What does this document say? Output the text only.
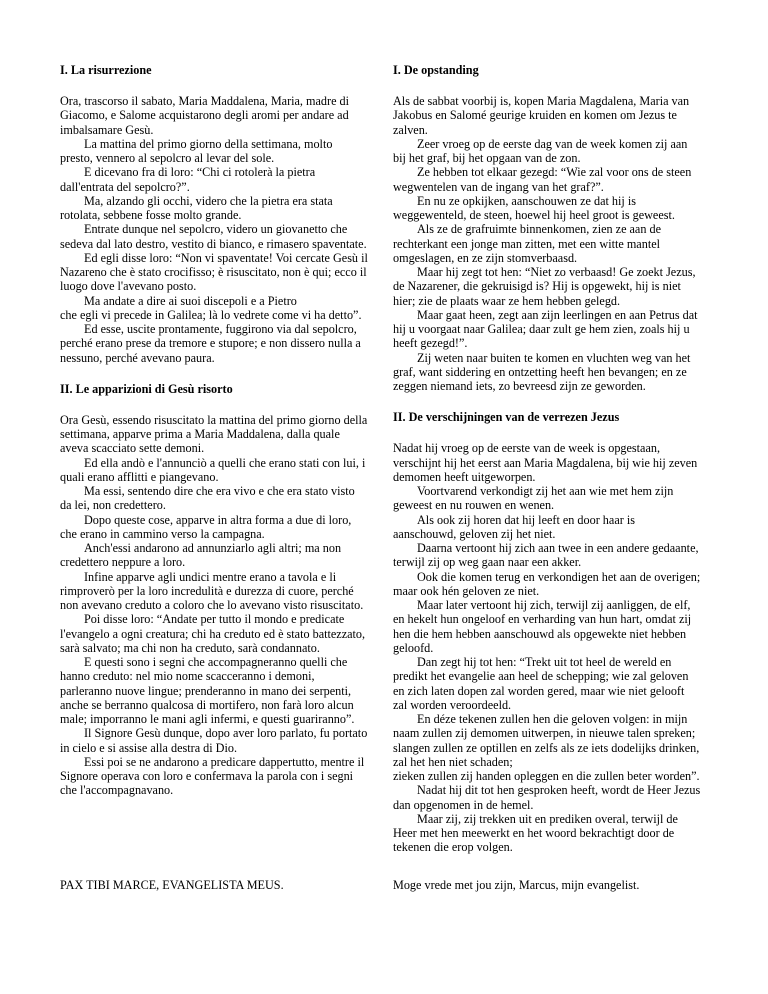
I. La risurrezione

Ora, trascorso il sabato, Maria Maddalena, Maria, madre di Giacomo, e Salome acquistarono degli aromi per andare ad imbalsamare Gesù.

La mattina del primo giorno della settimana, molto presto, vennero al sepolcro al levar del sole.

E dicevano fra di loro: “Chi ci rotolerà la pietra dall'entrata del sepolcro?”.

Ma, alzando gli occhi, videro che la pietra era stata rotolata, sebbene fosse molto grande.

Entrate dunque nel sepolcro, videro un giovanetto che sedeva dal lato destro, vestito di bianco, e rimasero spaventate.

Ed egli disse loro: “Non vi spaventate! Voi cercate Gesù il Nazareno che è stato crocifisso; è risuscitato, non è qui; ecco il luogo dove l'avevano posto.

Ma andate a dire ai suoi discepoli e a Pietro

che egli vi precede in Galilea; là lo vedrete come vi ha detto”.

Ed esse, uscite prontamente, fuggirono via dal sepolcro, perché erano prese da tremore e stupore; e non dissero nulla a nessuno, perché avevano paura.

II. Le apparizioni di Gesù risorto

Ora Gesù, essendo risuscitato la mattina del primo giorno della settimana, apparve prima a Maria Maddalena, dalla quale aveva scacciato sette demoni.

Ed ella andò e l'annunciò a quelli che erano stati con lui, i quali erano afflitti e piangevano.

Ma essi, sentendo dire che era vivo e che era stato visto da lei, non credettero.

Dopo queste cose, apparve in altra forma a due di loro, che erano in cammino verso la campagna.

Anch'essi andarono ad annunziarlo agli altri; ma non credettero neppure a loro.

Infine apparve agli undici mentre erano a tavola e li rimproverò per la loro incredulità e durezza di cuore, perché non avevano creduto a coloro che lo avevano visto risuscitato.

Poi disse loro: “Andate per tutto il mondo e predicate l'evangelo a ogni creatura; chi ha creduto ed è stato battezzato, sarà salvato; ma chi non ha creduto, sarà condannato.

E questi sono i segni che accompagneranno quelli che hanno creduto: nel mio nome scacceranno i demoni, parleranno nuove lingue; prenderanno in mano dei serpenti, anche se berranno qualcosa di mortifero, non farà loro alcun male; imporranno le mani agli infermi, e questi guariranno”.

Il Signore Gesù dunque, dopo aver loro parlato, fu portato in cielo e si assise alla destra di Dio.

Essi poi se ne andarono a predicare dappertutto, mentre il Signore operava con loro e confermava la parola con i segni che l'accompagnavano.

I. De opstanding

Als de sabbat voorbij is, kopen Maria Magdalena, Maria van Jakobus en Salomé geurige kruiden en komen om Jezus te zalven.

Zeer vroeg op de eerste dag van de week komen zij aan bij het graf, bij het opgaan van de zon.

Ze hebben tot elkaar gezegd: “Wie zal voor ons de steen wegwentelen van de ingang van het graf?”.

En nu ze opkijken, aanschouwen ze dat hij is weggewenteld, de steen, hoewel hij heel groot is geweest.

Als ze de grafruimte binnenkomen, zien ze aan de rechterkant een jonge man zitten, met een witte mantel omgeslagen, en ze zijn stomverbaasd.

Maar hij zegt tot hen: “Niet zo verbaasd! Ge zoekt Jezus, de Nazarener, die gekruisigd is? Hij is opgewekt, hij is niet hier; zie de plaats waar ze hem hebben gelegd.

Maar gaat heen, zegt aan zijn leerlingen en aan Petrus dat hij u voorgaat naar Galilea; daar zult ge hem zien, zoals hij u heeft gezegd!”.

Zij weten naar buiten te komen en vluchten weg van het graf, want siddering en ontzetting heeft hen bevangen; en ze zeggen niemand iets, zo bevreesd zijn ze geworden.

II. De verschijningen van de verrezen Jezus

Nadat hij vroeg op de eerste van de week is opgestaan, verschijnt hij het eerst aan Maria Magdalena, bij wie hij zeven demomen heeft uitgeworpen.

Voortvarend verkondigt zij het aan wie met hem zijn geweest en nu rouwen en wenen.

Als ook zij horen dat hij leeft en door haar is aanschouwd, geloven zij het niet.

Daarna vertoont hij zich aan twee in een andere gedaante, terwijl zij op weg gaan naar een akker.

Ook die komen terug en verkondigen het aan de overigen; maar ook hén geloven ze niet.

Maar later vertoont hij zich, terwijl zij aanliggen, de elf, en hekelt hun ongeloof en verharding van hun hart, omdat zij hen die hem hebben aanschouwd als opgewekte niet hebben geloofd.

Dan zegt hij tot hen: “Trekt uit tot heel de wereld en predikt het evangelie aan heel de schepping; wie zal geloven en zich laten dopen zal worden gered, maar wie niet gelooft zal worden veroordeeld.

En déze tekenen zullen hen die geloven volgen: in mijn naam zullen zij demomen uitwerpen, in nieuwe talen spreken; slangen zullen ze optillen en zelfs als ze iets dodelijks drinken, zal het hen niet schaden;

zieken zullen zij handen opleggen en die zullen beter worden”.

Nadat hij dit tot hen gesproken heeft, wordt de Heer Jezus dan opgenomen in de hemel.

Maar zij, zij trekken uit en prediken overal, terwijl de Heer met hen meewerkt en het woord bekrachtigt door de tekenen die erop volgen.

PAX TIBI MARCE, EVANGELISTA MEUS.	Moge vrede met jou zijn, Marcus, mijn evangelist.
